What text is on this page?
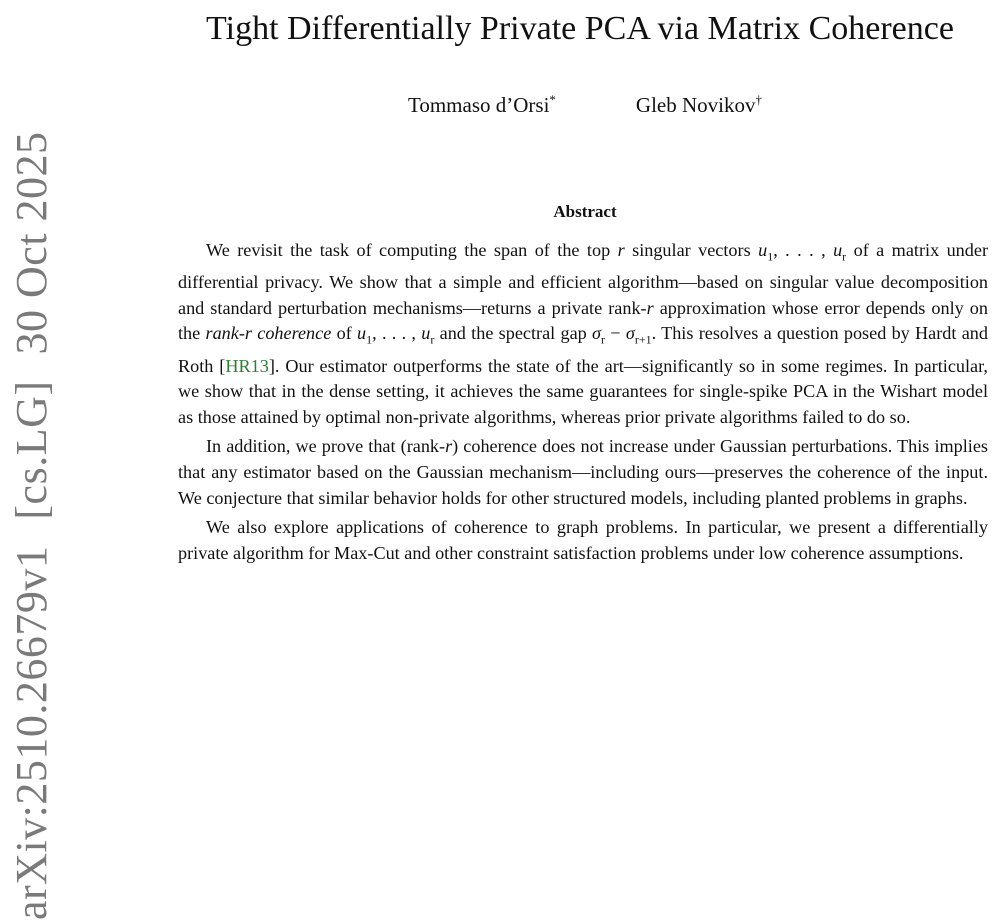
arXiv:2510.26679v1[cs.LG]30 Oct 2025
Tight Differentially Private PCA via Matrix Coherence
Tommaso d’Orsi*	Gleb Novikov†
Abstract

We revisit the task of computing the span of the top r singular vectors $u_1$, . . . , $u_r$ of a matrix under differential privacy. We show that a simple and efficient algorithm—based on singular value decomposition and standard perturbation mechanisms—returns a private rank-r approximation whose error depends only on the rank-r coherence of $u_1$, . . . , $u_r$ and the spectral gap $\sigma_r - \sigma_{r+1}$. This resolves a question posed by Hardt and Roth [HR13]. Our estimator outperforms the state of the art—significantly so in some regimes. In particular, we show that in the dense setting, it achieves the same guarantees for single-spike PCA in the Wishart model as those attained by optimal non-private algorithms, whereas prior private algorithms failed to do so.

In addition, we prove that (rank-r) coherence does not increase under Gaussian perturbations. This implies that any estimator based on the Gaussian mechanism—including ours—preserves the coherence of the input. We conjecture that similar behavior holds for other structured models, including planted problems in graphs.

We also explore applications of coherence to graph problems. In particular, we present a differentially private algorithm for Max-Cut and other constraint satisfaction problems under low coherence assumptions.
